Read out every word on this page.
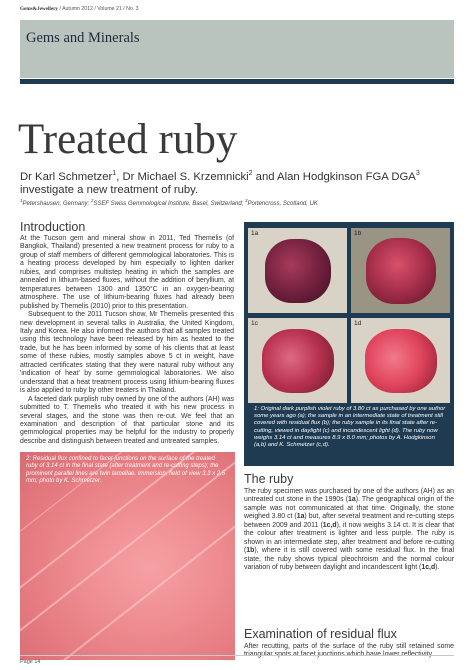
Gems&Jewellery / Autumn 2012 / Volume 21 / No. 3
Gems and Minerals
Treated ruby
Dr Karl Schmetzer$^1$, Dr Michael S. Krzemnicki$^2$ and Alan Hodgkinson FGA DGA$^3$
investigate a new treatment of ruby.
$^1$Petershausen, Germany; $^2$SSEF Swiss Gemmological Institute, Basel, Switzerland; $^3$Portencross, Scotland, UK
Introduction

At the Tucson gem and mineral show in 2011, Ted Themelis (of Bangkok, Thailand) presented a new treatment process for ruby to a group of staff members of different gemmological laboratories. This is a heating process developed by him especially to lighten darker rubies, and comprises multistep heating in which the samples are annealed in lithium-based fluxes, without the addition of beryllium, at temperatures between 1300 and 1350°C in an oxygen-bearing atmosphere. The use of lithium-bearing fluxes had already been published by Themelis (2010) prior to this presentation.

Subsequent to the 2011 Tucson show, Mr Themelis presented this new development in several talks in Australia, the United Kingdom, Italy and Korea. He also informed the authors that all samples treated using this technology have been released by him as heated to the trade, but he has been informed by some of his clients that at least some of these rubies, mostly samples above 5 ct in weight, have attracted certificates stating that they were natural ruby without any 'indication of heat' by some gemmological laboratories. We also understand that a heat treatment process using lithium-bearing fluxes is also applied to ruby by other treaters in Thailand.

A faceted dark purplish ruby owned by one of the authors (AH) was submitted to T. Themelis who treated it with his new process in several stages, and the stone was then re-cut. We feel that an examination and description of that particular stone and its gemmological properties may be helpful for the industry to properly describe and distinguish between treated and untreated samples.

1a	1b
1c	1d
1: Original dark purplish violet ruby of 3.80 ct as purchased by one author some years ago (a); the sample in an intermediate state of treatment still covered with residual flux (b); the ruby sample in its final state after re-cutting, viewed in daylight (c) and incandescent light (d). The ruby now weighs 3.14 ct and measures 8.9 x 8.0 mm; photos by A. Hodgkinson (a,b) and K. Schmetzer (c,d).
2: Residual flux confined to facet junctions on the surface of the treated ruby of 3.14 ct in the final state (after treatment and re-cutting steps); the prominent parallel lines are twin lamellae. Immersion, field of view 3.3 x 2.5 mm; photo by K. Schmetzer.	The ruby

The ruby specimen was purchased by one of the authors (AH) as an untreated cut stone in the 1990s (1a). The geographical origin of the sample was not communicated at that time. Originally, the stone weighed 3.80 ct (1a) but, after several treatment and re-cutting steps between 2009 and 2011 (1c,d), it now weighs 3.14 ct. It is clear that the colour after treatment is lighter and less purple. The ruby is shown in an intermediate step, after treatment and before re-cutting (1b), where it is still covered with some residual flux. In the final state, the ruby shows typical pleochroism and the normal colour variation of ruby between daylight and incandescent light (1c,d).

Examination of residual flux
After recutting, parts of the surface of the ruby still retained some
Page 14
